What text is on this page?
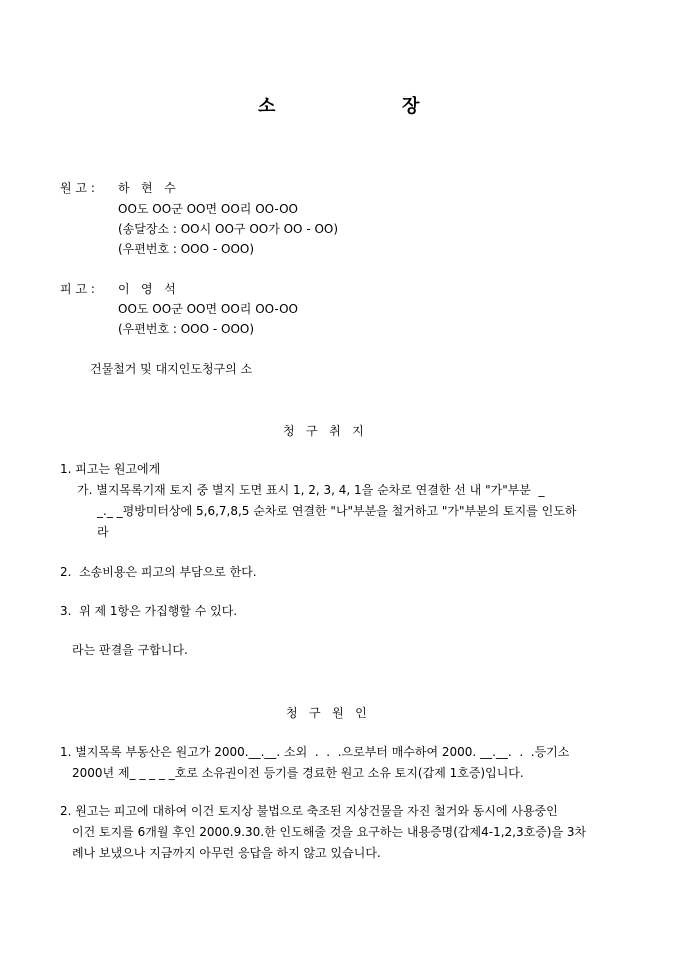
소	장
원 고 : 하   현   수
OO도 OO군 OO면 OO리 OO-OO
(송달장소 : OO시 OO구 OO가 OO - OO)
(우편번호 : OOO - OOO)
피 고 : 이   영   석
OO도 OO군 OO면 OO리 OO-OO
(우편번호 : OOO - OOO)
건물철거 및 대지인도청구의 소
청   구   취   지
1. 피고는 원고에게
가. 별지목록기재 토지 중 별지 도면 표시 1, 2, 3, 4, 1을 순차로 연결한 선 내 "가"부분  _
_._ _평방미터상에 5,6,7,8,5 순차로 연결한 "나"부분을 철거하고 "가"부분의 토지를 인도하
라
2.  소송비용은 피고의 부담으로 한다.
3.  위 제 1항은 가집행할 수 있다.
라는 판결을 구합니다.
청   구   원   인
1. 별지목록 부동산은 원고가 2000.__.__. 소외  .  .  .으로부터 매수하여 2000. __.__.  .  .등기소
2000년 제_ _ _ _ _호로 소유권이전 등기를 경료한 원고 소유 토지(갑제 1호증)입니다.
2. 원고는 피고에 대하여 이건 토지상 불법으로 축조된 지상건물을 자진 철거와 동시에 사용중인
이건 토지를 6개월 후인 2000.9.30.한 인도해줄 것을 요구하는 내용증명(갑제4-1,2,3호증)을 3차
례나 보냈으나 지금까지 아무런 응답을 하지 않고 있습니다.
